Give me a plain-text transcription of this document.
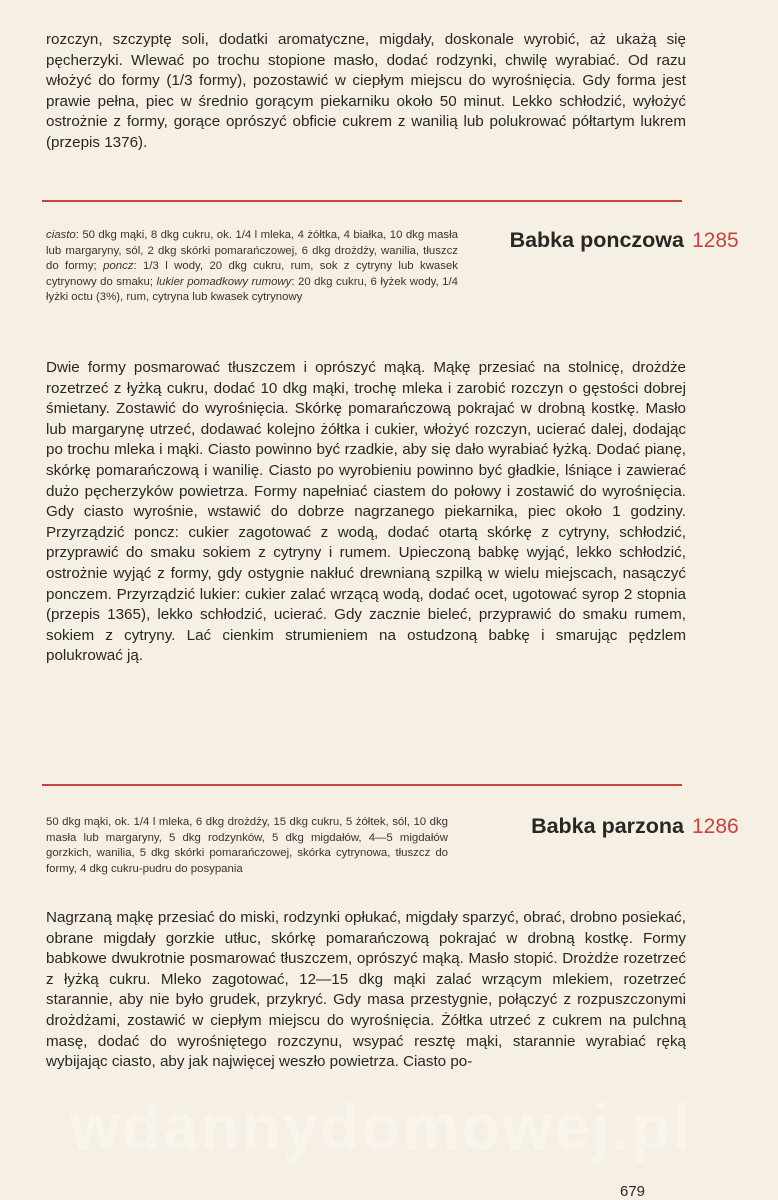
rozczyn, szczyptę soli, dodatki aromatyczne, migdały, doskonale wyrobić, aż ukażą się pęcherzyki. Wlewać po trochu stopione masło, dodać rodzynki, chwilę wyrabiać. Od razu włożyć do formy (1/3 formy), pozostawić w ciepłym miejscu do wyrośnięcia. Gdy forma jest prawie pełna, piec w średnio gorącym piekarniku około 50 minut. Lekko schłodzić, wyłożyć ostrożnie z formy, gorące oprószyć obficie cukrem z wanilią lub polukrować półtartym lukrem (przepis 1376).
ciasto: 50 dkg mąki, 8 dkg cukru, ok. 1/4 l mleka, 4 żółtka, 4 białka, 10 dkg masła lub margaryny, sól, 2 dkg skórki pomarańczowej, 6 dkg drożdży, wanilia, tłuszcz do formy; poncz: 1/3 l wody, 20 dkg cukru, rum, sok z cytryny lub kwasek cytrynowy do smaku; lukier pomadkowy rumowy: 20 dkg cukru, 6 łyżek wody, 1/4 łyżki octu (3%), rum, cytryna lub kwasek cytrynowy
Babka ponczowa 1285
Dwie formy posmarować tłuszczem i oprószyć mąką. Mąkę przesiać na stolnicę, drożdże rozetrzeć z łyżką cukru, dodać 10 dkg mąki, trochę mleka i zarobić rozczyn o gęstości dobrej śmietany. Zostawić do wyrośnięcia. Skórkę pomarańczową pokrajać w drobną kostkę. Masło lub margarynę utrzeć, dodawać kolejno żółtka i cukier, włożyć rozczyn, ucierać dalej, dodając po trochu mleka i mąki. Ciasto powinno być rzadkie, aby się dało wyrabiać łyżką. Dodać pianę, skórkę pomarańczową i wanilię. Ciasto po wyrobieniu powinno być gładkie, lśniące i zawierać dużo pęcherzyków powietrza. Formy napełniać ciastem do połowy i zostawić do wyrośnięcia. Gdy ciasto wyrośnie, wstawić do dobrze nagrzanego piekarnika, piec około 1 godziny. Przyrządzić poncz: cukier zagotować z wodą, dodać otartą skórkę z cytryny, schłodzić, przyprawić do smaku sokiem z cytryny i rumem. Upieczoną babkę wyjąć, lekko schłodzić, ostrożnie wyjąć z formy, gdy ostygnie nakłuć drewnianą szpilką w wielu miejscach, nasączyć ponczem. Przyrządzić lukier: cukier zalać wrzącą wodą, dodać ocet, ugotować syrop 2 stopnia (przepis 1365), lekko schłodzić, ucierać. Gdy zacznie bieleć, przyprawić do smaku rumem, sokiem z cytryny. Lać cienkim strumieniem na ostudzoną babkę i smarując pędzlem polukrować ją.
50 dkg mąki, ok. 1/4 l mleka, 6 dkg drożdży, 15 dkg cukru, 5 żółtek, sól, 10 dkg masła lub margaryny, 5 dkg rodzynków, 5 dkg migdałów, 4—5 migdałów gorzkich, wanilia, 5 dkg skórki pomarańczowej, skórka cytrynowa, tłuszcz do formy, 4 dkg cukru-pudru do posypania
Babka parzona 1286
Nagrzaną mąkę przesiać do miski, rodzynki opłukać, migdały sparzyć, obrać, drobno posiekać, obrane migdały gorzkie utłuc, skórkę pomarańczową pokrajać w drobną kostkę. Formy babkowe dwukrotnie posmarować tłuszczem, oprószyć mąką. Masło stopić. Drożdże rozetrzeć z łyżką cukru. Mleko zagotować, 12—15 dkg mąki zalać wrzącym mlekiem, rozetrzeć starannie, aby nie było grudek, przykryć. Gdy masa przestygnie, połączyć z rozpuszczonymi drożdżami, zostawić w ciepłym miejscu do wyrośnięcia. Żółtka utrzeć z cukrem na pulchną masę, dodać do wyrośniętego rozczynu, wsypać resztę mąki, starannie wyrabiać ręką wybijając ciasto, aby jak najwięcej weszło powietrza. Ciasto po-
wdannydomowej.pl
679
